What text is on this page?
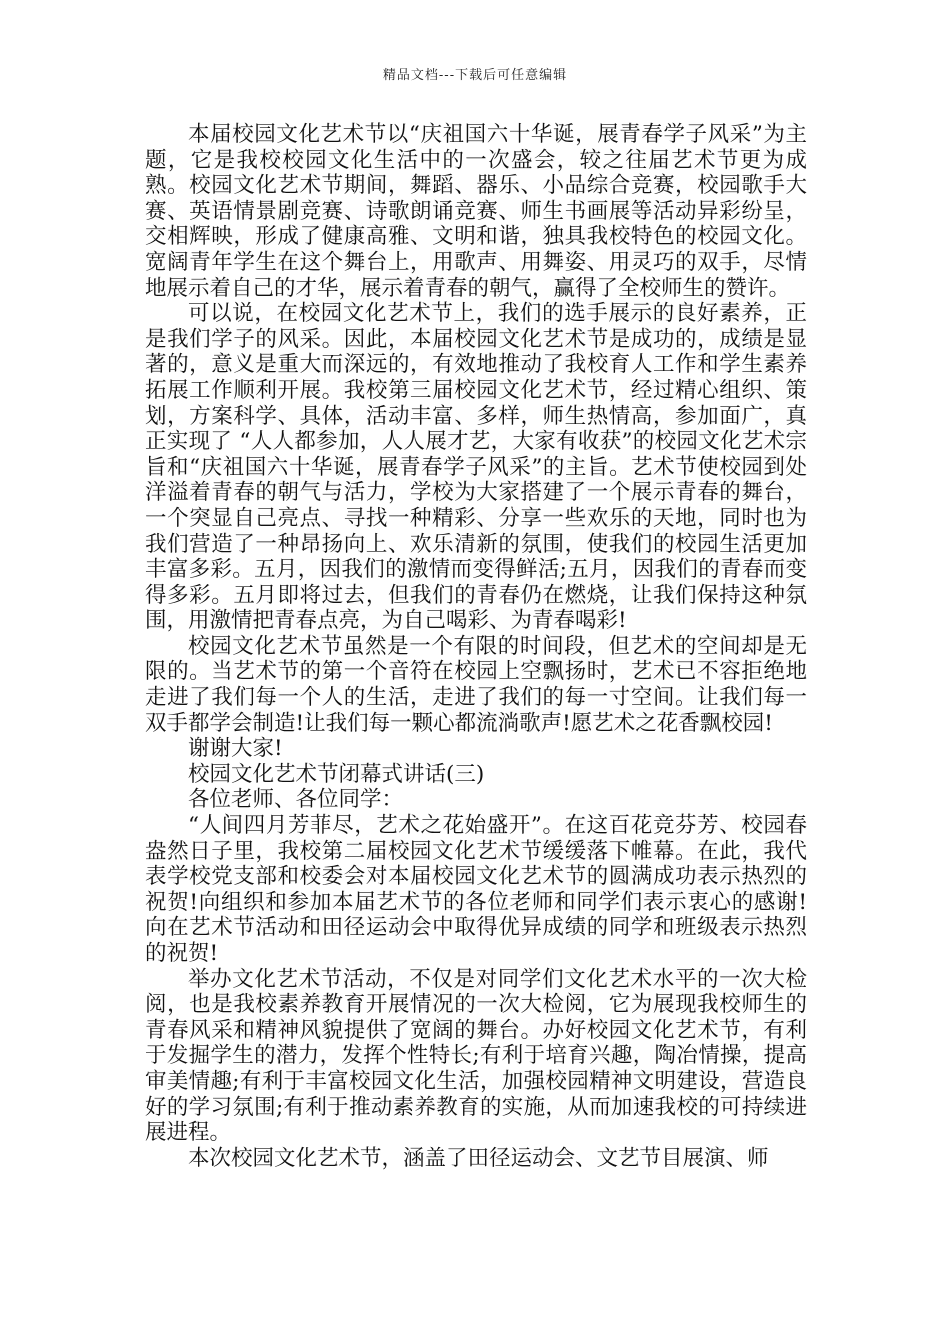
精品文档---下载后可任意编辑

本届校园文化艺术节以“庆祖国六十华诞，展青春学子风采”为主题，它是我校校园文化生活中的一次盛会，较之往届艺术节更为成熟。校园文化艺术节期间，舞蹈、器乐、小品综合竞赛，校园歌手大赛、英语情景剧竞赛、诗歌朗诵竞赛、师生书画展等活动异彩纷呈，交相辉映，形成了健康高雅、文明和谐，独具我校特色的校园文化。宽阔青年学生在这个舞台上，用歌声、用舞姿、用灵巧的双手，尽情地展示着自己的才华，展示着青春的朝气，赢得了全校师生的赞许。

可以说，在校园文化艺术节上，我们的选手展示的良好素养，正是我们学子的风采。因此，本届校园文化艺术节是成功的，成绩是显著的，意义是重大而深远的，有效地推动了我校育人工作和学生素养拓展工作顺利开展。我校第三届校园文化艺术节，经过精心组织、策划，方案科学、具体，活动丰富、多样，师生热情高，参加面广，真正实现了 “人人都参加，人人展才艺，大家有收获”的校园文化艺术宗旨和“庆祖国六十华诞，展青春学子风采”的主旨。艺术节使校园到处洋溢着青春的朝气与活力，学校为大家搭建了一个展示青春的舞台，一个突显自己亮点、寻找一种精彩、分享一些欢乐的天地，同时也为我们营造了一种昂扬向上、欢乐清新的氛围，使我们的校园生活更加丰富多彩。五月，因我们的激情而变得鲜活;五月，因我们的青春而变得多彩。五月即将过去，但我们的青春仍在燃烧，让我们保持这种氛围，用激情把青春点亮，为自己喝彩、为青春喝彩!

校园文化艺术节虽然是一个有限的时间段，但艺术的空间却是无限的。当艺术节的第一个音符在校园上空飘扬时，艺术已不容拒绝地走进了我们每一个人的生活，走进了我们的每一寸空间。让我们每一双手都学会制造!让我们每一颗心都流淌歌声!愿艺术之花香飘校园!

谢谢大家!

校园文化艺术节闭幕式讲话(三)

各位老师、各位同学：

“人间四月芳菲尽，艺术之花始盛开”。在这百花竞芬芳、校园春盎然日子里，我校第二届校园文化艺术节缓缓落下帷幕。在此，我代表学校党支部和校委会对本届校园文化艺术节的圆满成功表示热烈的祝贺!向组织和参加本届艺术节的各位老师和同学们表示衷心的感谢!向在艺术节活动和田径运动会中取得优异成绩的同学和班级表示热烈的祝贺!

举办文化艺术节活动，不仅是对同学们文化艺术水平的一次大检阅，也是我校素养教育开展情况的一次大检阅，它为展现我校师生的青春风采和精神风貌提供了宽阔的舞台。办好校园文化艺术节，有利于发掘学生的潜力，发挥个性特长;有利于培育兴趣，陶冶情操，提高审美情趣;有利于丰富校园文化生活，加强校园精神文明建设，营造良好的学习氛围;有利于推动素养教育的实施，从而加速我校的可持续进展进程。

本次校园文化艺术节，涵盖了田径运动会、文艺节目展演、师
